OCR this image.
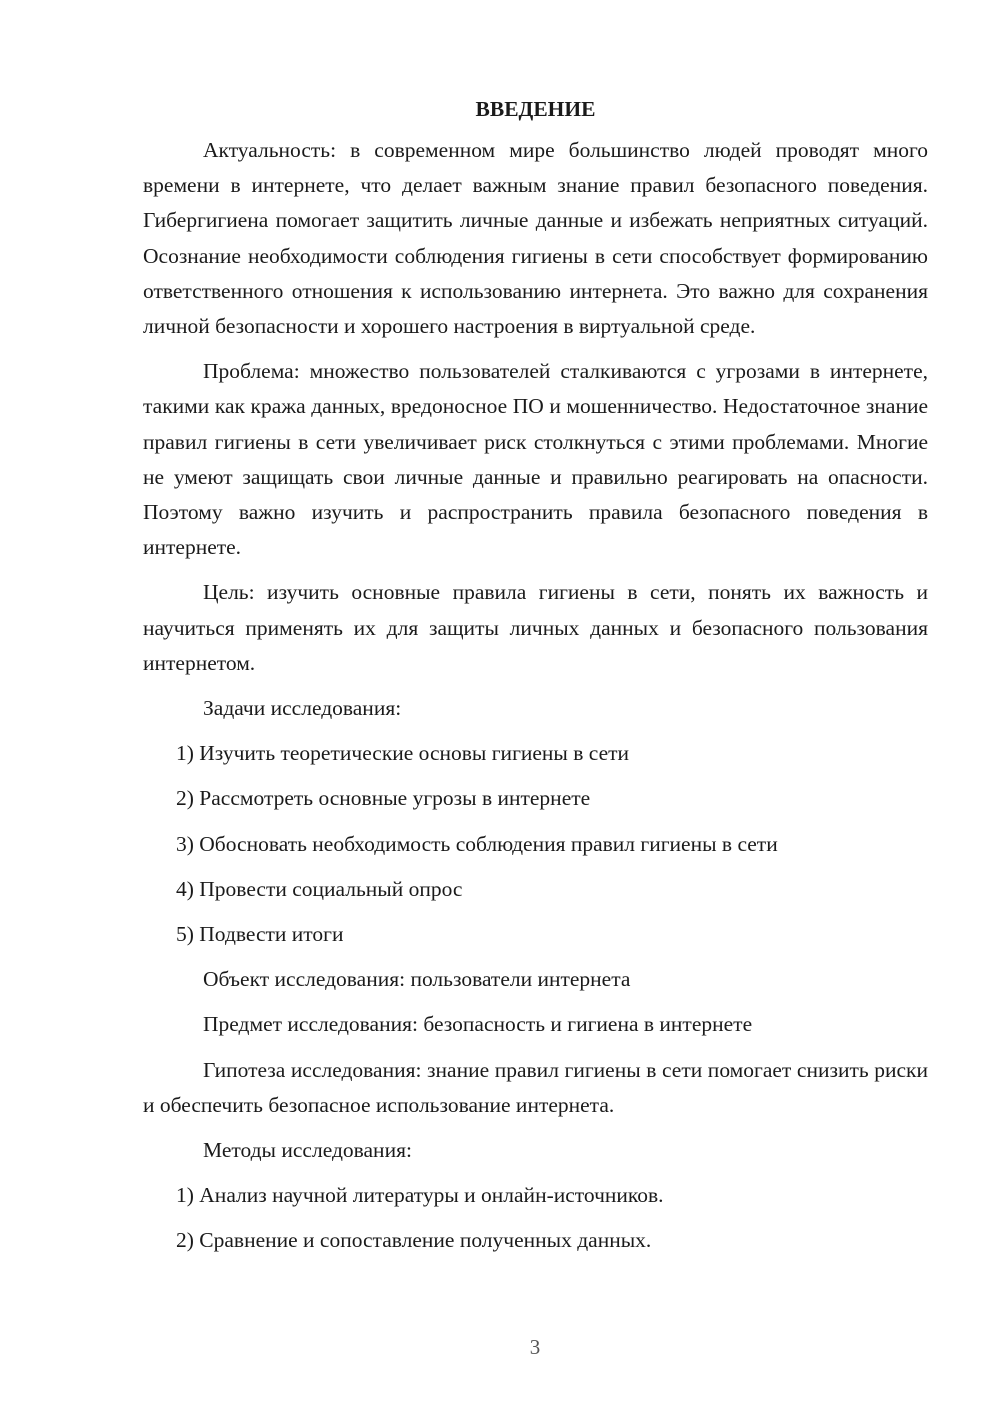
ВВЕДЕНИЕ

Актуальность: в современном мире большинство людей проводят много времени в интернете, что делает важным знание правил безопасного поведения. Гибергигиена помогает защитить личные данные и избежать неприятных ситуаций. Осознание необходимости соблюдения гигиены в сети способствует формированию ответственного отношения к использованию интернета. Это важно для сохранения личной безопасности и хорошего настроения в виртуальной среде.

Проблема: множество пользователей сталкиваются с угрозами в интернете, такими как кража данных, вредоносное ПО и мошенничество. Недостаточное знание правил гигиены в сети увеличивает риск столкнуться с этими проблемами. Многие не умеют защищать свои личные данные и правильно реагировать на опасности. Поэтому важно изучить и распространить правила безопасного поведения в интернете.

Цель: изучить основные правила гигиены в сети, понять их важность и научиться применять их для защиты личных данных и безопасного пользования интернетом.

Задачи исследования:

1) Изучить теоретические основы гигиены в сети
2) Рассмотреть основные угрозы в интернете
3) Обосновать необходимость соблюдения правил гигиены в сети
4) Провести социальный опрос
5) Подвести итоги

Объект исследования: пользователи интернета

Предмет исследования: безопасность и гигиена в интернете

Гипотеза исследования: знание правил гигиены в сети помогает снизить риски и обеспечить безопасное использование интернета.

Методы исследования:

1) Анализ научной литературы и онлайн-источников.
2) Сравнение и сопоставление полученных данных.
3
